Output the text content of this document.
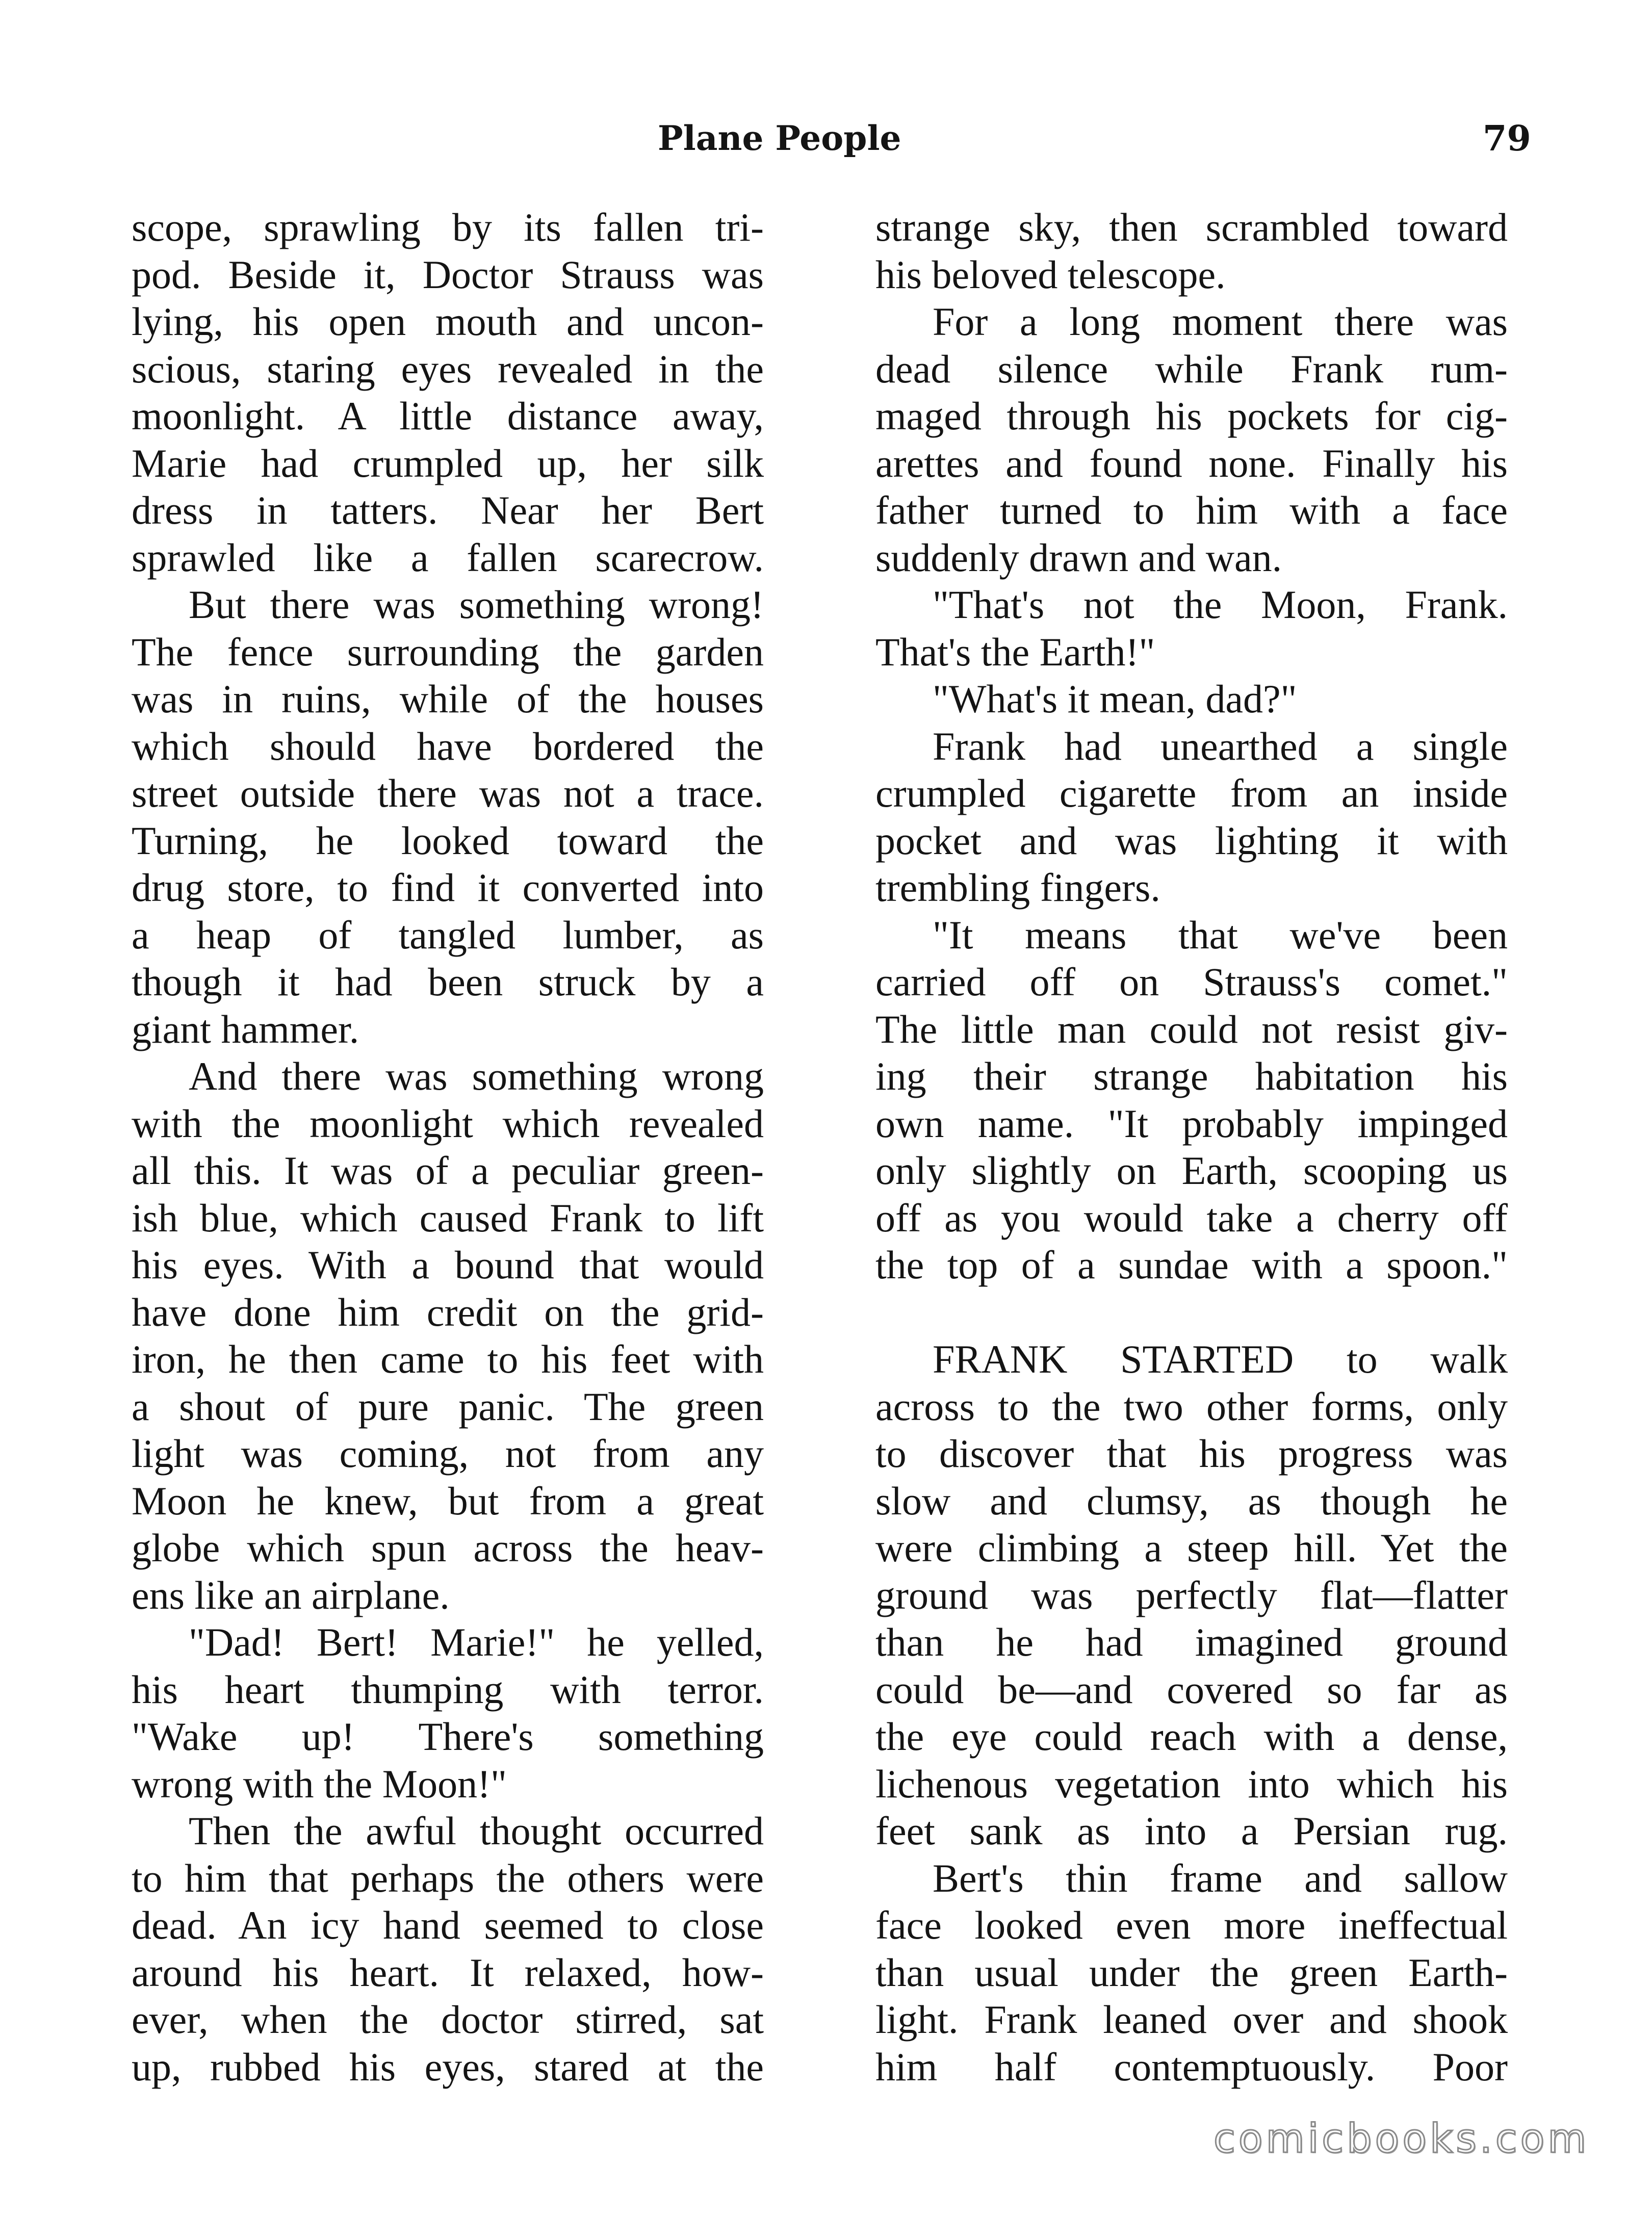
Plane People	79
scope, sprawling by its fallen tri-
pod. Beside it, Doctor Strauss was
lying, his open mouth and uncon-
scious, staring eyes revealed in the
moonlight. A little distance away,
Marie had crumpled up, her silk
dress in tatters. Near her Bert
sprawled like a fallen scarecrow.
But there was something wrong!
The fence surrounding the garden
was in ruins, while of the houses
which should have bordered the
street outside there was not a trace.
Turning, he looked toward the
drug store, to find it converted into
a heap of tangled lumber, as
though it had been struck by a
giant hammer.
And there was something wrong
with the moonlight which revealed
all this. It was of a peculiar green-
ish blue, which caused Frank to lift
his eyes. With a bound that would
have done him credit on the grid-
iron, he then came to his feet with
a shout of pure panic. The green
light was coming, not from any
Moon he knew, but from a great
globe which spun across the heav-
ens like an airplane.
"Dad! Bert! Marie!" he yelled,
his heart thumping with terror.
"Wake up! There's something
wrong with the Moon!"
Then the awful thought occurred
to him that perhaps the others were
dead. An icy hand seemed to close
around his heart. It relaxed, how-
ever, when the doctor stirred, sat
up, rubbed his eyes, stared at the
strange sky, then scrambled toward
his beloved telescope.
For a long moment there was
dead silence while Frank rum-
maged through his pockets for cig-
arettes and found none. Finally his
father turned to him with a face
suddenly drawn and wan.
"That's not the Moon, Frank.
That's the Earth!"
"What's it mean, dad?"
Frank had unearthed a single
crumpled cigarette from an inside
pocket and was lighting it with
trembling fingers.
"It means that we've been
carried off on Strauss's comet."
The little man could not resist giv-
ing their strange habitation his
own name. "It probably impinged
only slightly on Earth, scooping us
off as you would take a cherry off
the top of a sundae with a spoon."
FRANK STARTED to walk
across to the two other forms, only
to discover that his progress was
slow and clumsy, as though he
were climbing a steep hill. Yet the
ground was perfectly flat—flatter
than he had imagined ground
could be—and covered so far as
the eye could reach with a dense,
lichenous vegetation into which his
feet sank as into a Persian rug.
Bert's thin frame and sallow
face looked even more ineffectual
than usual under the green Earth-
light. Frank leaned over and shook
him half contemptuously. Poor
comicbooks.com
